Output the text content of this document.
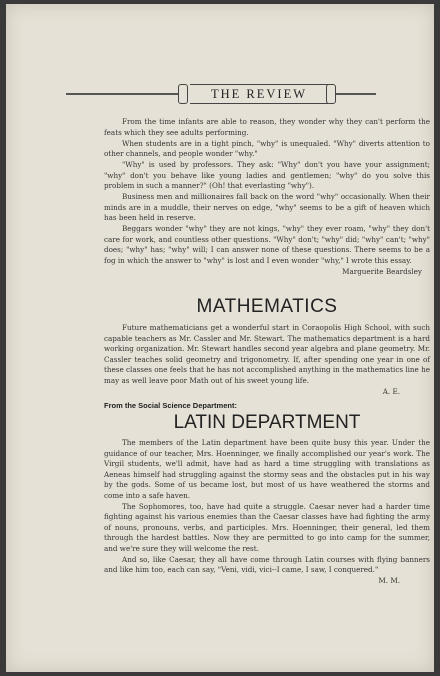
THE REVIEW

From the time infants are able to reason, they wonder why they can't perform the feats which they see adults performing.

When students are in a tight pinch, "why" is unequaled. "Why" diverts attention to other channels, and people wonder "why."

"Why" is used by professors. They ask: "Why" don't you have your assignment; "why" don't you behave like young ladies and gentlemen; "why" do you solve this problem in such a manner?" (Oh! that everlasting "why").

Business men and millionaires fall back on the word "why" occasionally. When their minds are in a muddle, their nerves on edge, "why" seems to be a gift of heaven which has been held in reserve.

Beggars wonder "why" they are not kings, "why" they ever roam, "why" they don't care for work, and countless other questions. "Why" don't; "why" did; "why" can't; "why" does; "why" has; "why" will; I can answer none of these questions. There seems to be a fog in which the answer to "why" is lost and I even wonder "why," I wrote this essay.

Marguerite Beardsley

MATHEMATICS

Future mathematicians get a wonderful start in Coraopolis High School, with such capable teachers as Mr. Cassler and Mr. Stewart. The mathematics department is a hard working organization. Mr. Stewart handles second year algebra and plane geometry. Mr. Cassler teaches solid geometry and trigonometry. If, after spending one year in one of these classes one feels that he has not accomplished anything in the mathematics line he may as well leave poor Math out of his sweet young life.

A. E.

From the Social Science Department:
LATIN DEPARTMENT

The members of the Latin department have been quite busy this year. Under the guidance of our teacher, Mrs. Hoenninger, we finally accomplished our year's work. The Virgil students, we'll admit, have had as hard a time struggling with translations as Aeneas himself had struggling against the stormy seas and the obstacles put in his way by the gods. Some of us became lost, but most of us have weathered the storms and come into a safe haven.

The Sophomores, too, have had quite a struggle. Caesar never had a harder time fighting against his various enemies than the Caesar classes have had fighting the army of nouns, pronouns, verbs, and participles. Mrs. Hoenninger, their general, led them through the hardest battles. Now they are permitted to go into camp for the summer, and we're sure they will welcome the rest.

And so, like Caesar, they all have come through Latin courses with flying banners and like him too, each can say, "Veni, vidi, vici--I came, I saw, I conquered."

M. M.
